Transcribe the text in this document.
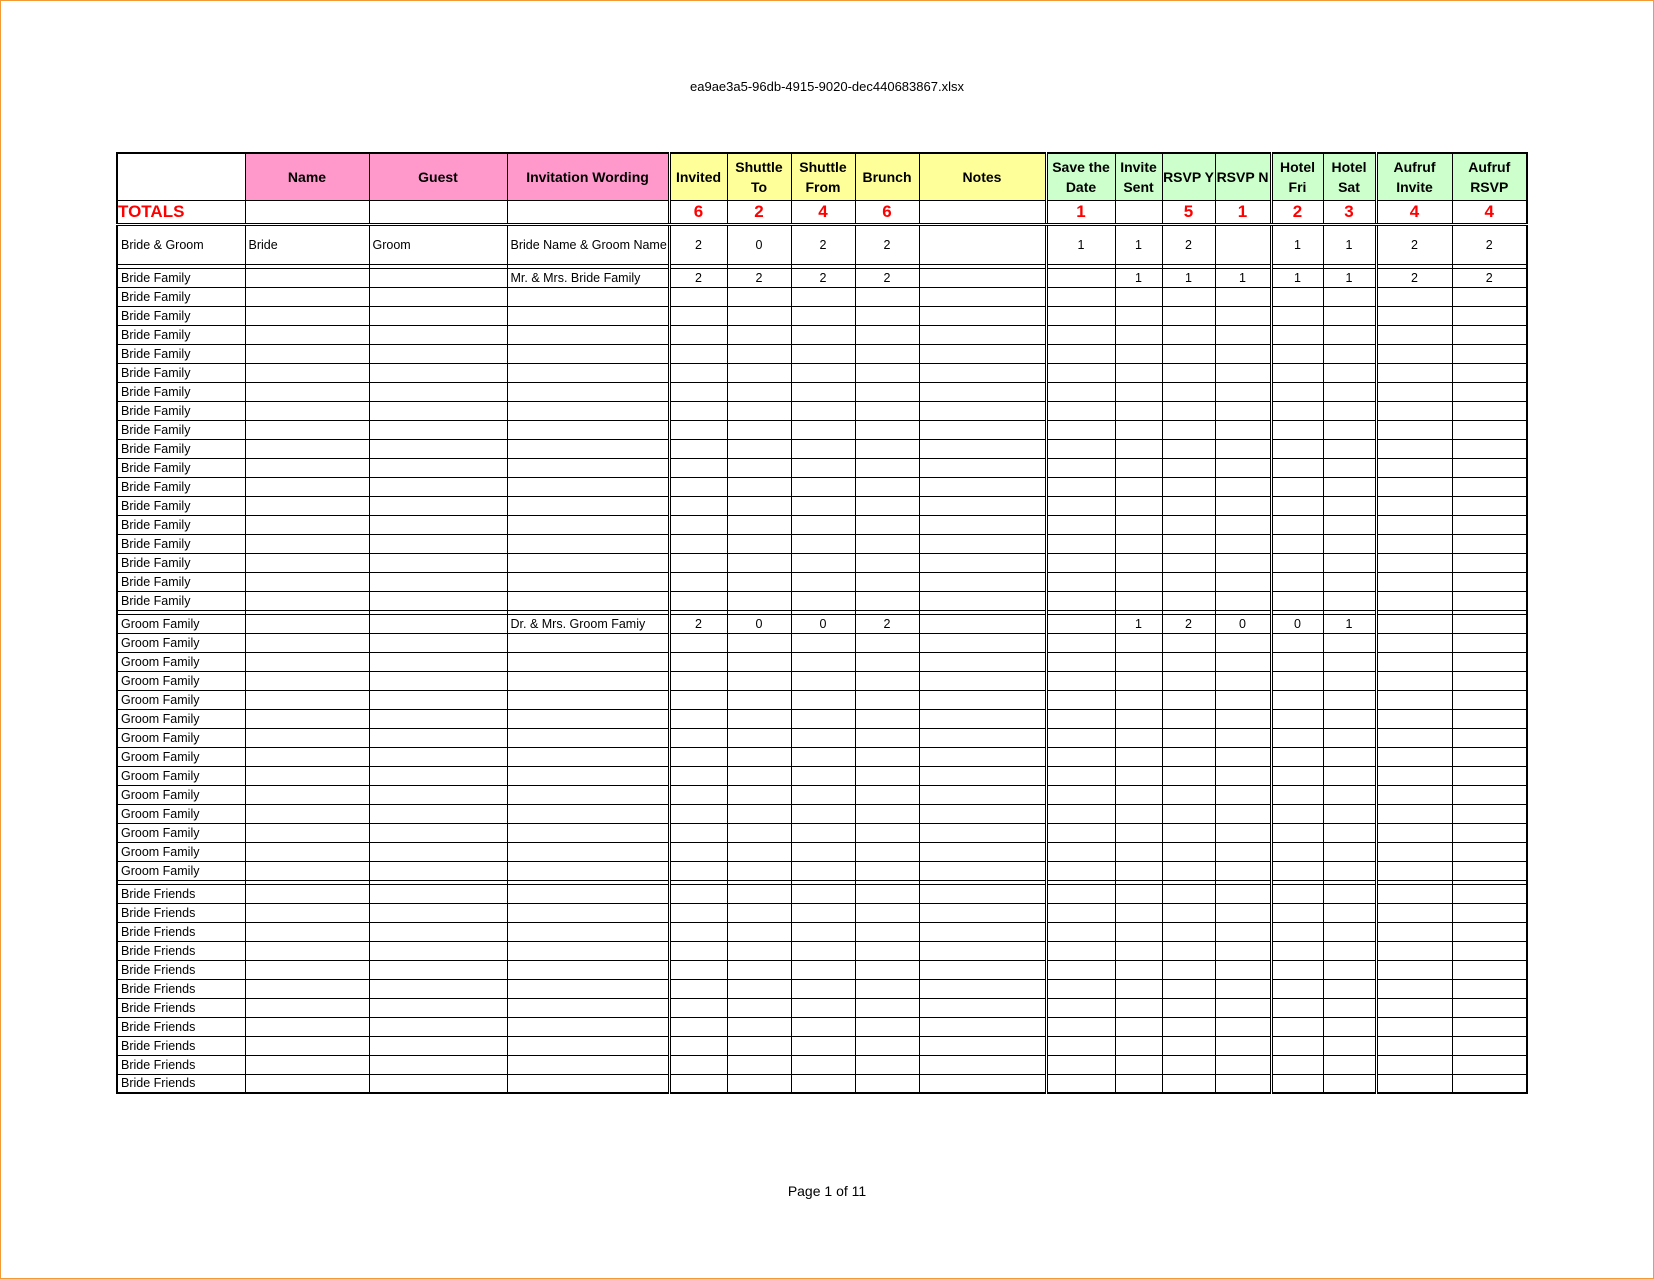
ea9ae3a5-96db-4915-9020-dec440683867.xlsx
	Name	Guest	Invitation Wording	Invited	Shuttle To	Shuttle From	Brunch	Notes	Save the Date	Invite Sent	RSVP Y	RSVP N	Hotel Fri	Hotel Sat	Aufruf Invite	Aufruf RSVP
TOTALS				6	2	4	6		1		5	1	2	3	4	4
Bride & Groom	Bride	Groom	Bride Name & Groom Name	2	0	2	2		1	1	2		1	1	2	2

Bride Family			Mr. & Mrs. Bride Family	2	2	2	2			1	1	1	1	1	2	2
Bride Family																
Bride Family																
Bride Family																
Bride Family																
Bride Family																
Bride Family																
Bride Family																
Bride Family																
Bride Family																
Bride Family																
Bride Family																
Bride Family																
Bride Family																
Bride Family																
Bride Family																
Bride Family																
Bride Family																

Groom Family			Dr. & Mrs. Groom Famiy	2	0	0	2			1	2	0	0	1		
Groom Family																
Groom Family																
Groom Family																
Groom Family																
Groom Family																
Groom Family																
Groom Family																
Groom Family																
Groom Family																
Groom Family																
Groom Family																
Groom Family																
Groom Family																

Bride Friends																
Bride Friends																
Bride Friends																
Bride Friends																
Bride Friends																
Bride Friends																
Bride Friends																
Bride Friends																
Bride Friends																
Bride Friends																
Bride Friends																
Page 1 of 11
